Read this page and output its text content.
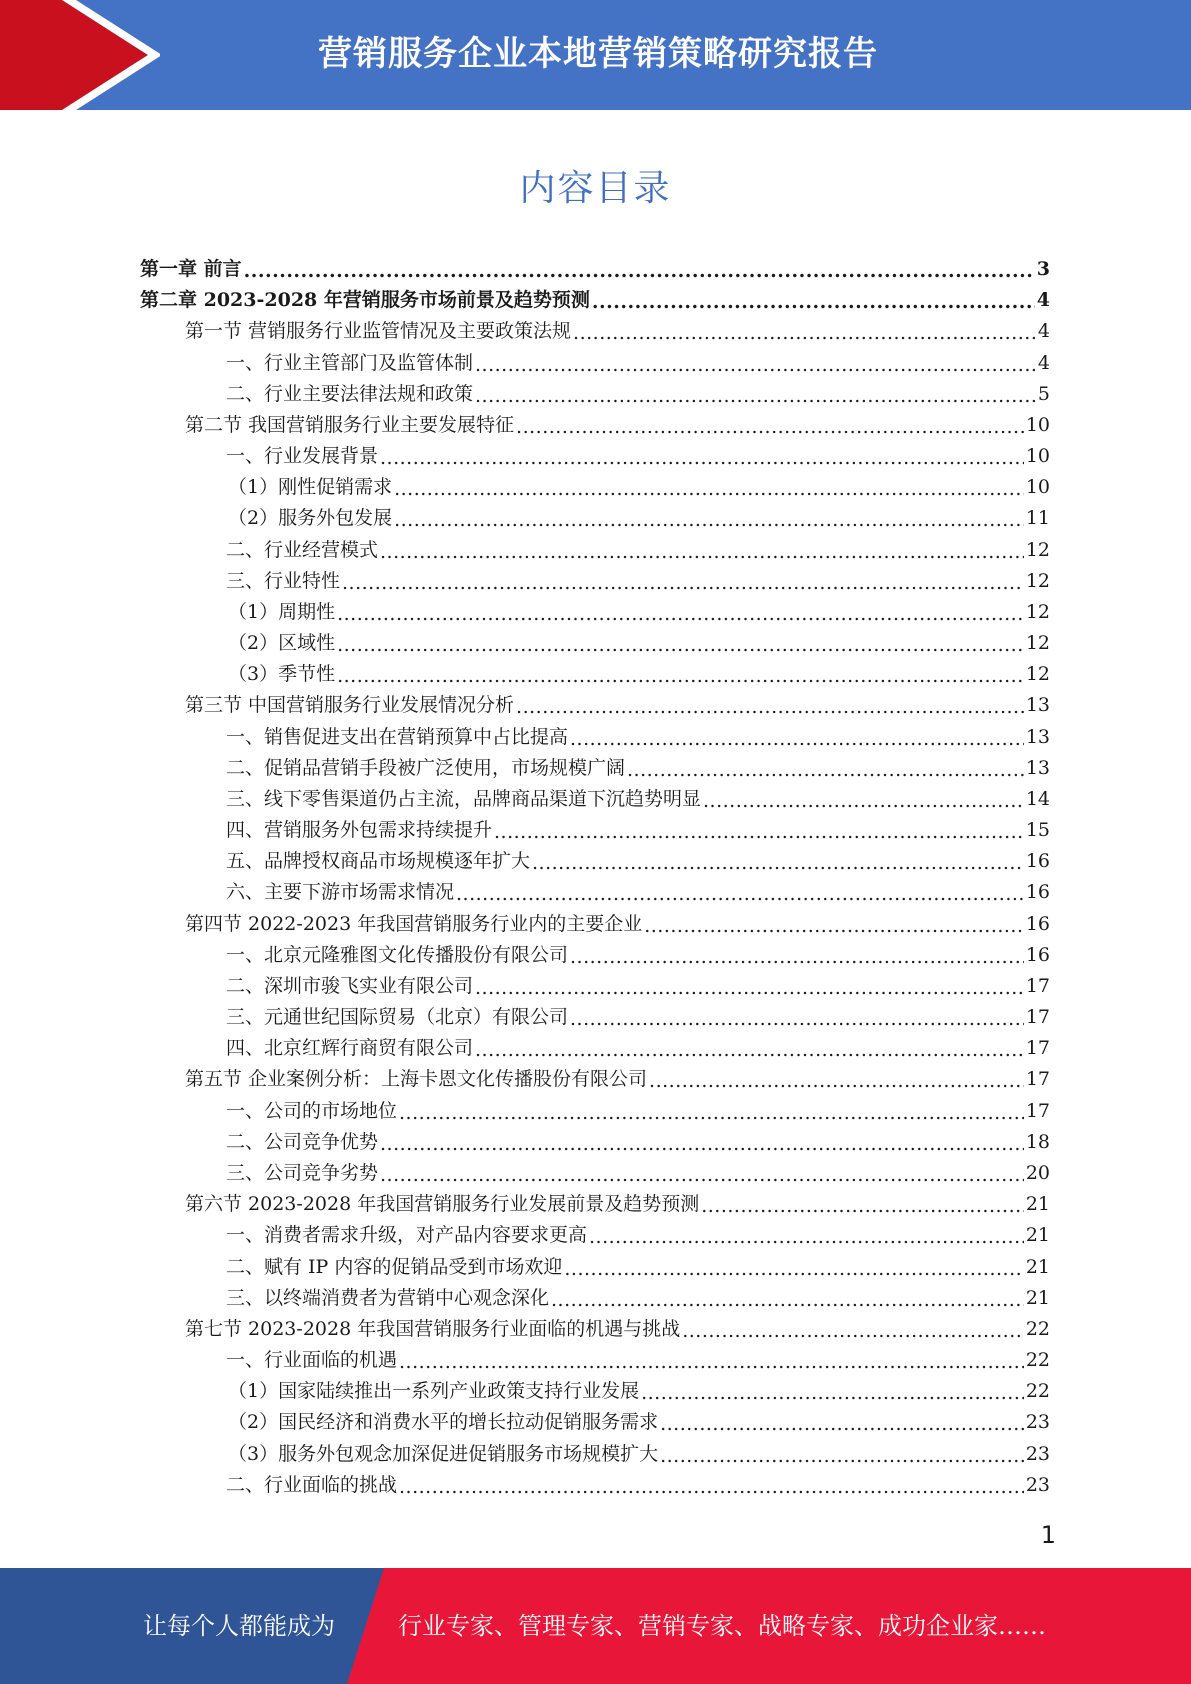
营销服务企业本地营销策略研究报告
内容目录
第一章 前言 .....	3
第二章 2023-2028 年营销服务市场前景及趋势预测 .....	4
第一节 营销服务行业监管情况及主要政策法规 .....	4
一、行业主管部门及监管体制 .....	4
二、行业主要法律法规和政策 .....	5
第二节 我国营销服务行业主要发展特征 .....	10
一、行业发展背景 .....	10
（1）刚性促销需求 .....	10
（2）服务外包发展 .....	11
二、行业经营模式 .....	12
三、行业特性 .....	12
（1）周期性 .....	12
（2）区域性 .....	12
（3）季节性 .....	12
第三节 中国营销服务行业发展情况分析 .....	13
一、销售促进支出在营销预算中占比提高 .....	13
二、促销品营销手段被广泛使用，市场规模广阔 .....	13
三、线下零售渠道仍占主流，品牌商品渠道下沉趋势明显 .....	14
四、营销服务外包需求持续提升 .....	15
五、品牌授权商品市场规模逐年扩大 .....	16
六、主要下游市场需求情况 .....	16
第四节 2022-2023 年我国营销服务行业内的主要企业 .....	16
一、北京元隆雅图文化传播股份有限公司 .....	16
二、深圳市骏飞实业有限公司 .....	17
三、元通世纪国际贸易（北京）有限公司 .....	17
四、北京红辉行商贸有限公司 .....	17
第五节 企业案例分析：上海卡恩文化传播股份有限公司 .....	17
一、公司的市场地位 .....	17
二、公司竞争优势 .....	18
三、公司竞争劣势 .....	20
第六节 2023-2028 年我国营销服务行业发展前景及趋势预测 .....	21
一、消费者需求升级，对产品内容要求更高 .....	21
二、赋有 IP 内容的促销品受到市场欢迎 .....	21
三、以终端消费者为营销中心观念深化 .....	21
第七节 2023-2028 年我国营销服务行业面临的机遇与挑战 .....	22
一、行业面临的机遇 .....	22
（1）国家陆续推出一系列产业政策支持行业发展 .....	22
（2）国民经济和消费水平的增长拉动促销服务需求 .....	23
（3）服务外包观念加深促进促销服务市场规模扩大 .....	23
二、行业面临的挑战 .....	23
1
让每个人都能成为	行业专家、管理专家、营销专家、战略专家、成功企业家……
